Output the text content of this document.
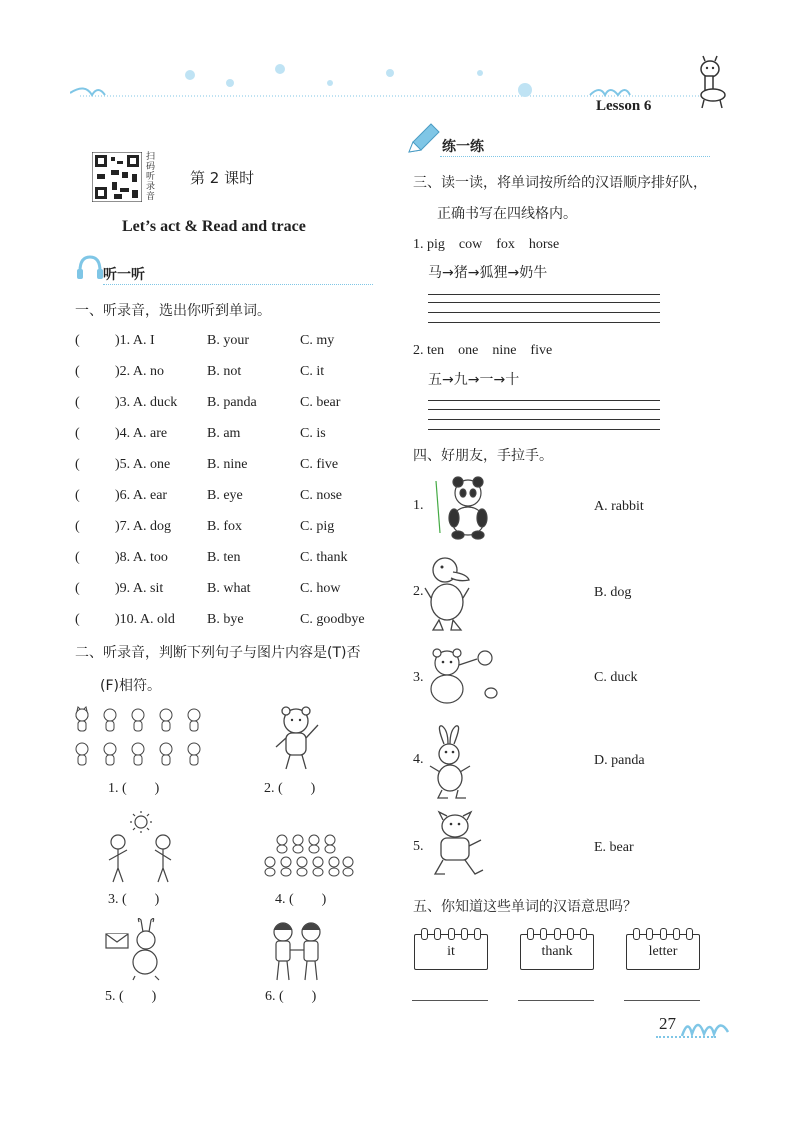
Lesson 6
扫码听录音
第 2 课时
Let’s act & Read and trace
听一听
一、听录音，选出你听到单词。
(	)1. A. I	B. your	C. my
(	)2. A. no	B. not	C. it
(	)3. A. duck B. panda	C. bear
(	)4. A. are	B. am	C. is
(	)5. A. one	B. nine	C. five
(	)6. A. ear	B. eye	C. nose
(	)7. A. dog	B. fox	C. pig
(	)8. A. too	B. ten	C. thank
(	)9. A. sit	B. what	C. how
(	)10. A. old B. bye	C. goodbye
二、听录音，判断下列句子与图片内容是(T)否
(F)相符。
1. (　　)	2. (　　)
3. (　　)	4. (　　)
5. (　　)	6. (　　)
练一练
三、读一读，将单词按所给的汉语顺序排好队，
正确书写在四线格内。
1. pig　cow　fox　horse
马→猪→狐狸→奶牛
2. ten　one　nine　five
五→九→一→十
四、好朋友，手拉手。
1.	A. rabbit
2.	B. dog
3.	C. duck
4.	D. panda
5.	E. bear
五、你知道这些单词的汉语意思吗？
it	thank	letter
27
